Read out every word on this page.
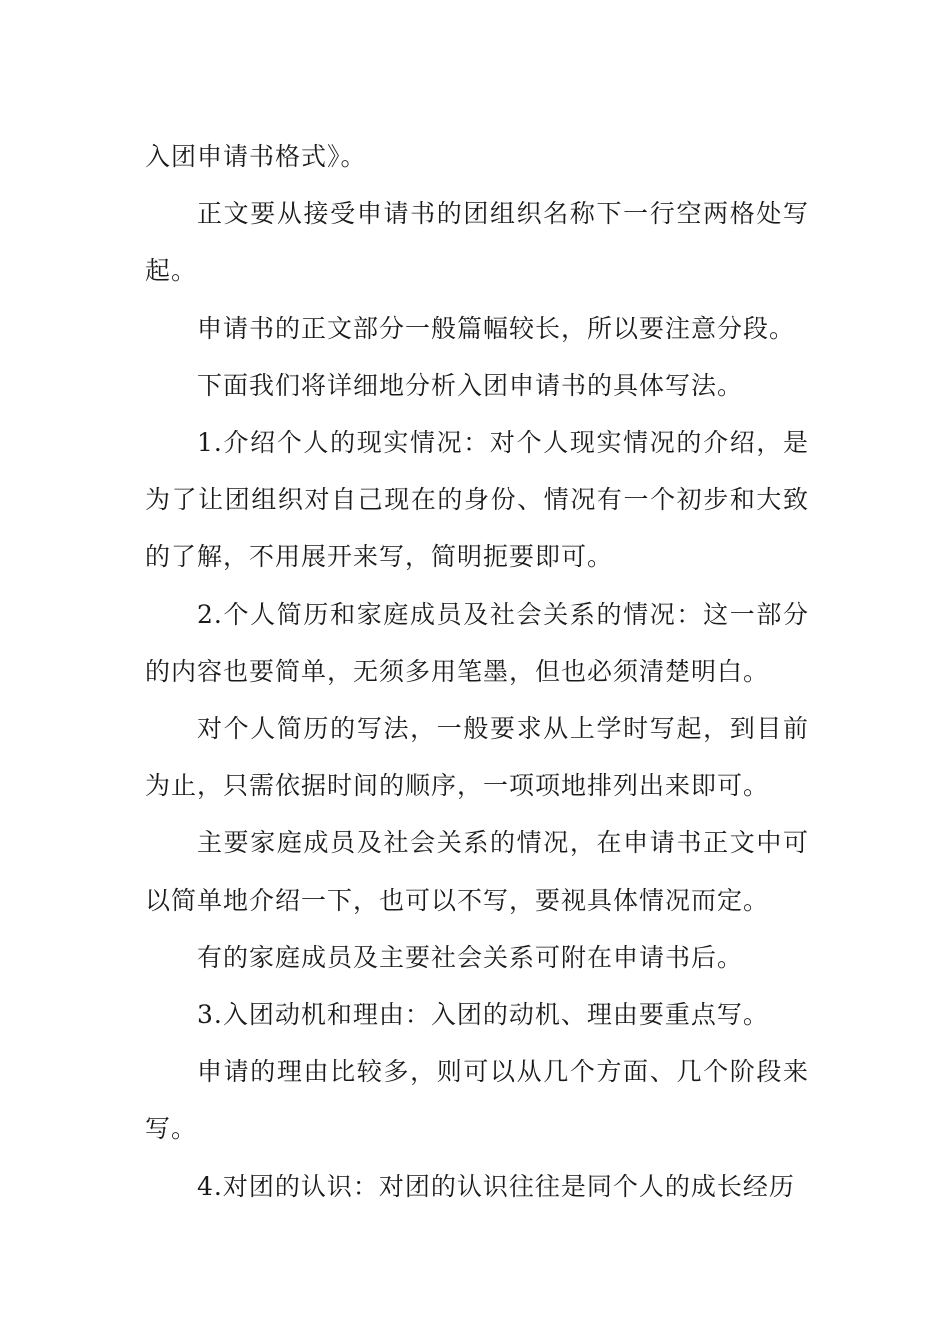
入团申请书格式》。

正文要从接受申请书的团组织名称下一行空两格处写起。

申请书的正文部分一般篇幅较长，所以要注意分段。

下面我们将详细地分析入团申请书的具体写法。

1.介绍个人的现实情况：对个人现实情况的介绍，是为了让团组织对自己现在的身份、情况有一个初步和大致的了解，不用展开来写，简明扼要即可。

2.个人简历和家庭成员及社会关系的情况：这一部分的内容也要简单，无须多用笔墨，但也必须清楚明白。

对个人简历的写法，一般要求从上学时写起，到目前为止，只需依据时间的顺序，一项项地排列出来即可。

主要家庭成员及社会关系的情况，在申请书正文中可以简单地介绍一下，也可以不写，要视具体情况而定。

有的家庭成员及主要社会关系可附在申请书后。

3.入团动机和理由：入团的动机、理由要重点写。

申请的理由比较多，则可以从几个方面、几个阶段来写。

4.对团的认识：对团的认识往往是同个人的成长经历
